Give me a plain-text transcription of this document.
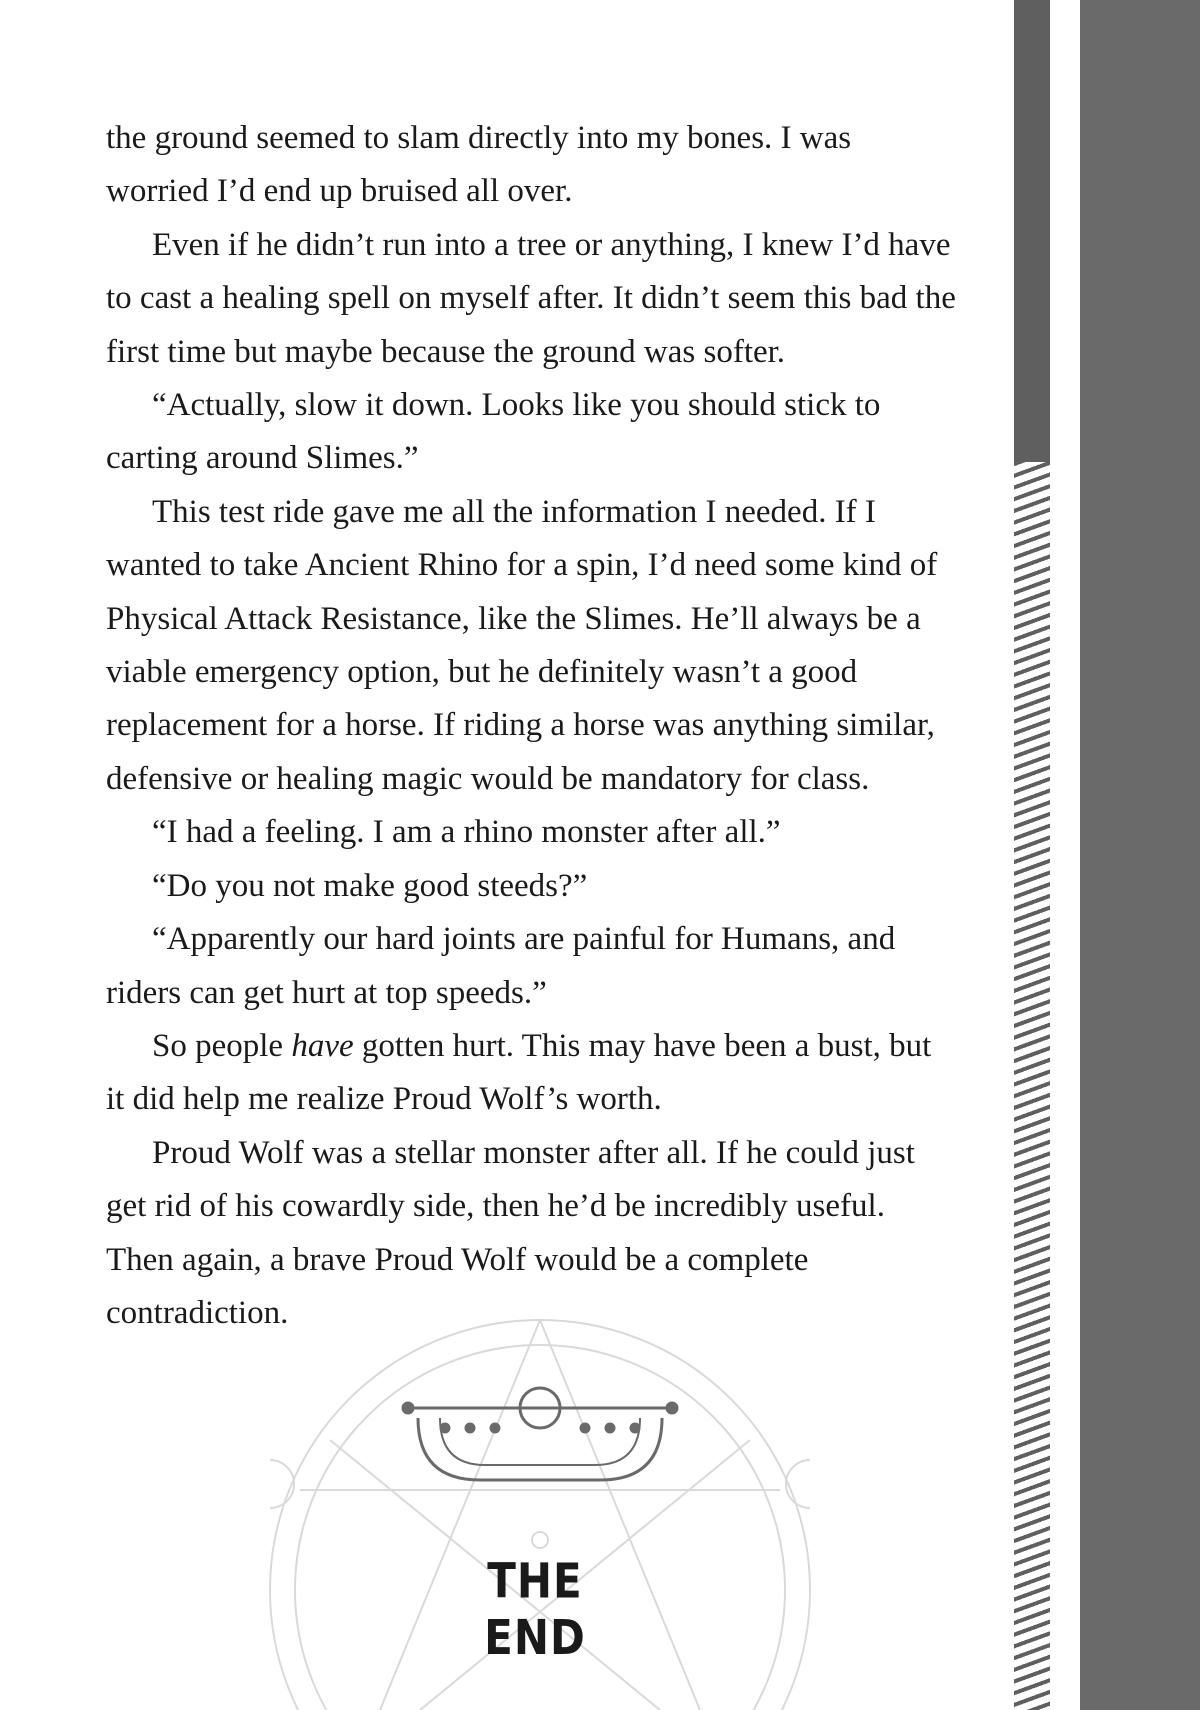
the ground seemed to slam directly into my bones. I was worried I’d end up bruised all over.

Even if he didn’t run into a tree or anything, I knew I’d have to cast a healing spell on myself after. It didn’t seem this bad the first time but maybe because the ground was softer.

“Actually, slow it down. Looks like you should stick to carting around Slimes.”

This test ride gave me all the information I needed. If I wanted to take Ancient Rhino for a spin, I’d need some kind of Physical Attack Resistance, like the Slimes. He’ll always be a viable emergency option, but he definitely wasn’t a good replacement for a horse. If riding a horse was anything similar, defensive or healing magic would be mandatory for class.

“I had a feeling. I am a rhino monster after all.”

“Do you not make good steeds?”

“Apparently our hard joints are painful for Humans, and riders can get hurt at top speeds.”

So people have gotten hurt. This may have been a bust, but it did help me realize Proud Wolf’s worth.

Proud Wolf was a stellar monster after all. If he could just get rid of his cowardly side, then he’d be incredibly useful. Then again, a brave Proud Wolf would be a complete contradiction.

THE END
